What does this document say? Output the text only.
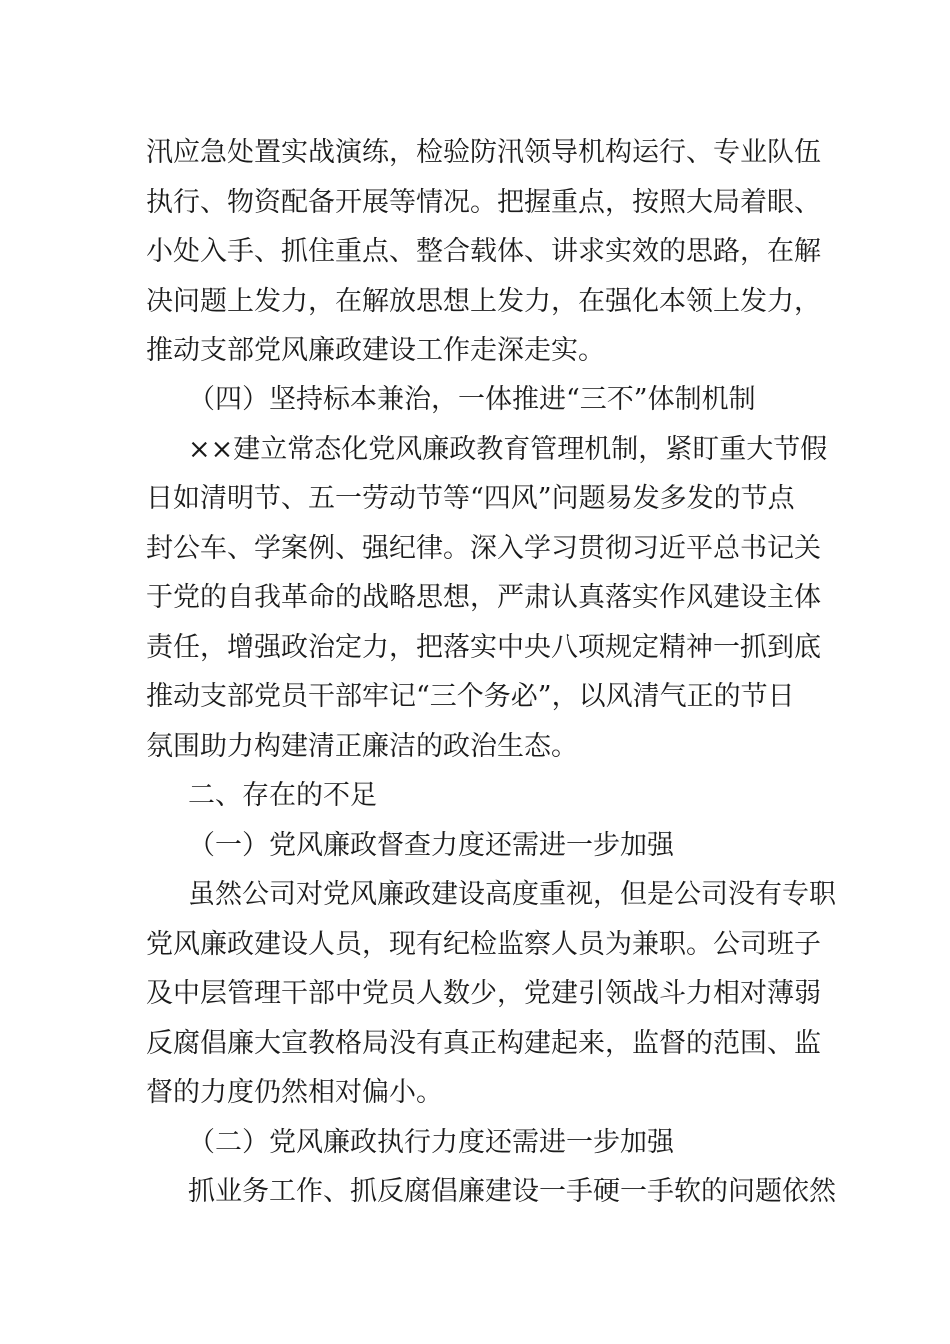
汛应急处置实战演练，检验防汛领导机构运行、专业队伍
执行、物资配备开展等情况。把握重点，按照大局着眼、
小处入手、抓住重点、整合载体、讲求实效的思路，在解
决问题上发力，在解放思想上发力，在强化本领上发力，
推动支部党风廉政建设工作走深走实。
（四）坚持标本兼治，一体推进“三不”体制机制
××建立常态化党风廉政教育管理机制，紧盯重大节假
日如清明节、五一劳动节等“四风”问题易发多发的节点
封公车、学案例、强纪律。深入学习贯彻习近平总书记关
于党的自我革命的战略思想，严肃认真落实作风建设主体
责任，增强政治定力，把落实中央八项规定精神一抓到底
推动支部党员干部牢记“三个务必”，以风清气正的节日
氛围助力构建清正廉洁的政治生态。
二、存在的不足
（一）党风廉政督查力度还需进一步加强
虽然公司对党风廉政建设高度重视，但是公司没有专职
党风廉政建设人员，现有纪检监察人员为兼职。公司班子
及中层管理干部中党员人数少，党建引领战斗力相对薄弱
反腐倡廉大宣教格局没有真正构建起来，监督的范围、监
督的力度仍然相对偏小。
（二）党风廉政执行力度还需进一步加强
抓业务工作、抓反腐倡廉建设一手硬一手软的问题依然
